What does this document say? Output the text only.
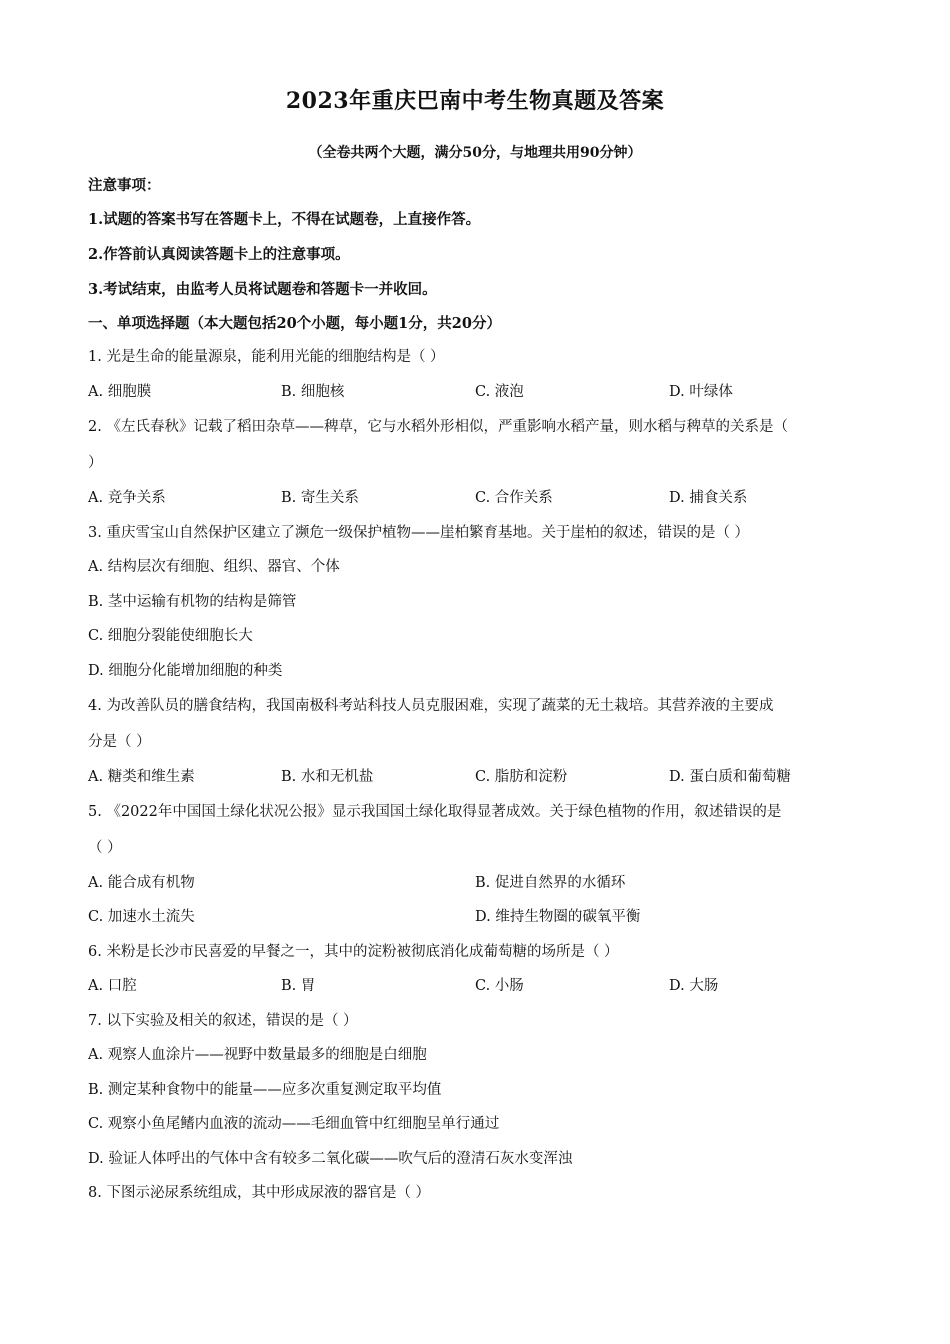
2023年重庆巴南中考生物真题及答案
（全卷共两个大题，满分50分，与地理共用90分钟）
注意事项：
1.试题的答案书写在答题卡上，不得在试题卷，上直接作答。
2.作答前认真阅读答题卡上的注意事项。
3.考试结束，由监考人员将试题卷和答题卡一并收回。
一、单项选择题（本大题包括20个小题，每小题1分，共20分）
1. 光是生命的能量源泉，能利用光能的细胞结构是（ ）
A. 细胞膜	B. 细胞核	C. 液泡	D. 叶绿体
2. 《左氏春秋》记载了稻田杂草——稗草，它与水稻外形相似，严重影响水稻产量，则水稻与稗草的关系是（
）
A. 竞争关系	B. 寄生关系	C. 合作关系	D. 捕食关系
3. 重庆雪宝山自然保护区建立了濒危一级保护植物——崖柏繁育基地。关于崖柏的叙述，错误的是（ ）
A. 结构层次有细胞、组织、器官、个体
B. 茎中运输有机物的结构是筛管
C. 细胞分裂能使细胞长大
D. 细胞分化能增加细胞的种类
4. 为改善队员的膳食结构，我国南极科考站科技人员克服困难，实现了蔬菜的无土栽培。其营养液的主要成
分是（ ）
A. 糖类和维生素	B. 水和无机盐	C. 脂肪和淀粉	D. 蛋白质和葡萄糖
5. 《2022年中国国土绿化状况公报》显示我国国土绿化取得显著成效。关于绿色植物的作用，叙述错误的是
（ ）
A. 能合成有机物	B. 促进自然界的水循环
C. 加速水土流失	D. 维持生物圈的碳氧平衡
6. 米粉是长沙市民喜爱的早餐之一，其中的淀粉被彻底消化成葡萄糖的场所是（ ）
A. 口腔	B. 胃	C. 小肠	D. 大肠
7. 以下实验及相关的叙述，错误的是（ ）
A. 观察人血涂片——视野中数量最多的细胞是白细胞
B. 测定某种食物中的能量——应多次重复测定取平均值
C. 观察小鱼尾鳍内血液的流动——毛细血管中红细胞呈单行通过
D. 验证人体呼出的气体中含有较多二氧化碳——吹气后的澄清石灰水变浑浊
8. 下图示泌尿系统组成，其中形成尿液的器官是（ ）
